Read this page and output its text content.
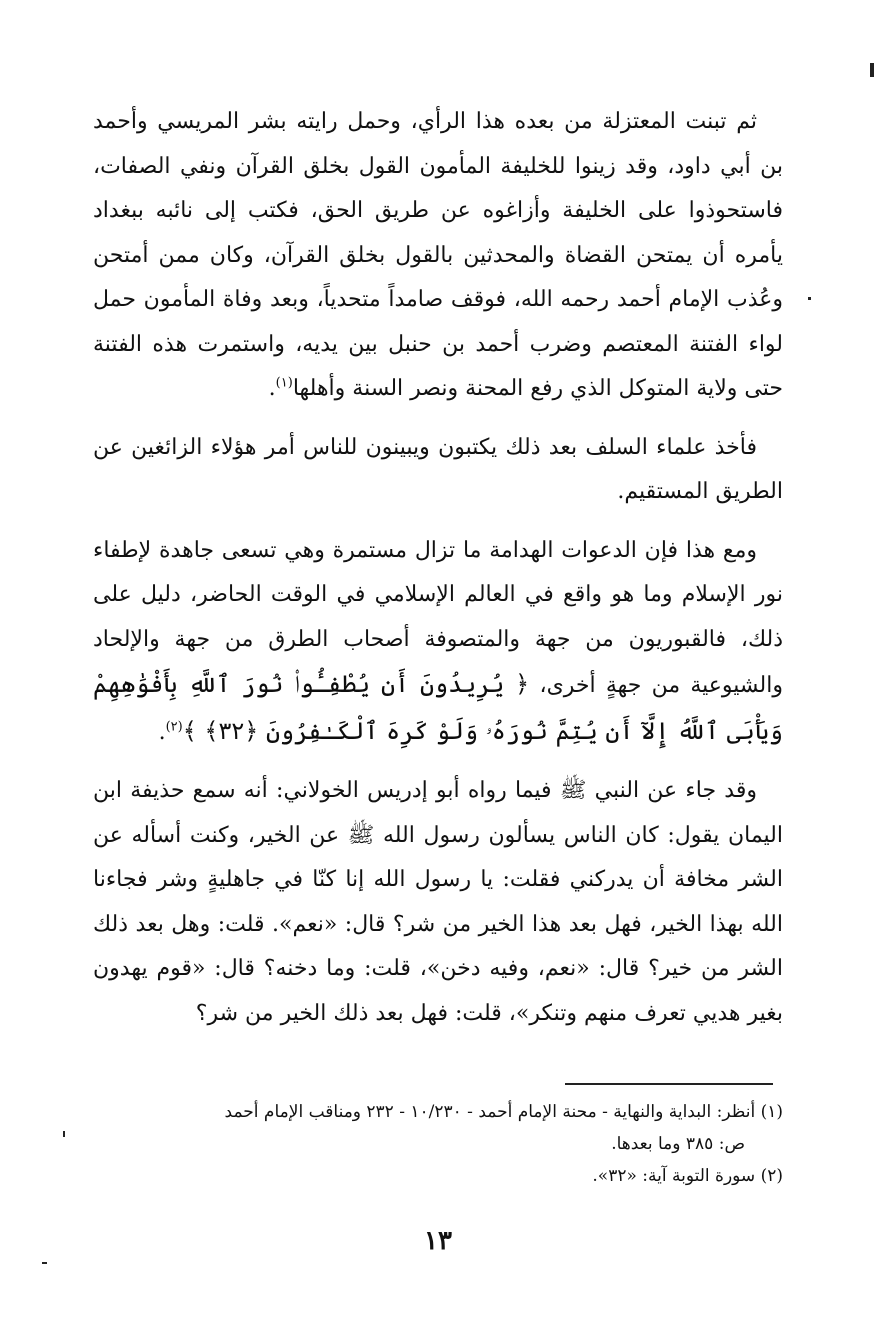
ثم تبنت المعتزلة من بعده هذا الرأي، وحمل رايته بشر المريسي وأحمد بن أبي داود، وقد زينوا للخليفة المأمون القول بخلق القرآن ونفي الصفات، فاستحوذوا على الخليفة وأزاغوه عن طريق الحق، فكتب إلى نائبه ببغداد يأمره أن يمتحن القضاة والمحدثين بالقول بخلق القرآن، وكان ممن أمتحن وعُذب الإمام أحمد رحمه الله، فوقف صامداً متحدياً، وبعد وفاة المأمون حمل لواء الفتنة المعتصم وضرب أحمد بن حنبل بين يديه، واستمرت هذه الفتنة حتى ولاية المتوكل الذي رفع المحنة ونصر السنة وأهلها$^{(١)}$.

فأخذ علماء السلف بعد ذلك يكتبون ويبينون للناس أمر هؤلاء الزائغين عن الطريق المستقيم.

ومع هذا فإن الدعوات الهدامة ما تزال مستمرة وهي تسعى جاهدة لإطفاء نور الإسلام وما هو واقع في العالم الإسلامي في الوقت الحاضر، دليل على ذلك، فالقبوريون من جهة والمتصوفة أصحاب الطرق من جهة والإلحاد والشيوعية من جهةٍ أخرى، ﴿ يُرِيدُونَ أَن يُطْفِـُٔوا۟ نُورَ ٱللَّهِ بِأَفْوَٰهِهِمْ وَيَأْبَى ٱللَّهُ إِلَّآ أَن يُتِمَّ نُورَهُۥ وَلَوْ كَرِهَ ٱلْكَـٰفِرُونَ ﴿٣٢﴾ ﴾$^{(٢)}$.

وقد جاء عن النبي ﷺ فيما رواه أبو إدريس الخولاني: أنه سمع حذيفة ابن اليمان يقول: كان الناس يسألون رسول الله ﷺ عن الخير، وكنت أسأله عن الشر مخافة أن يدركني فقلت: يا رسول الله إنا كنّا في جاهليةٍ وشر فجاءنا الله بهذا الخير، فهل بعد هذا الخير من شر؟ قال: «نعم». قلت: وهل بعد ذلك الشر من خير؟ قال: «نعم، وفيه دخن»، قلت: وما دخنه؟ قال: «قوم يهدون بغير هديي تعرف منهم وتنكر»، قلت: فهل بعد ذلك الخير من شر؟

(١) أنظر: البداية والنهاية - محنة الإمام أحمد - ١٠/٢٣٠ - ٢٣٢ ومناقب الإمام أحمد

ص: ٣٨٥ وما بعدها.

(٢) سورة التوبة آية: «٣٢».

١٣
